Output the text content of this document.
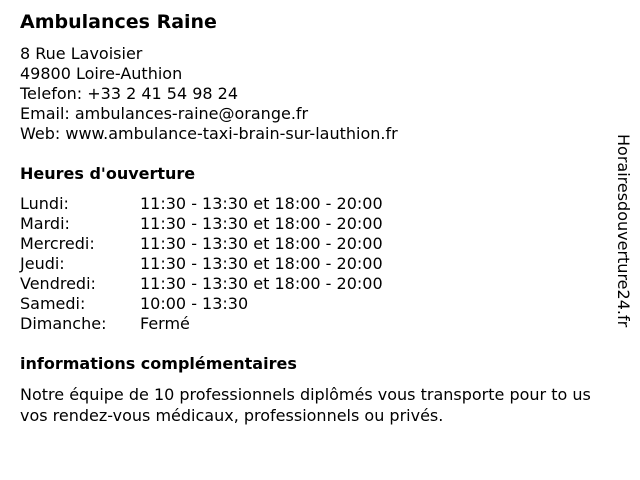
Ambulances Raine
8 Rue Lavoisier
49800 Loire-Authion
Telefon: +33 2 41 54 98 24
Email: ambulances-raine@orange.fr
Web: www.ambulance-taxi-brain-sur-lauthion.fr
Heures d'ouverture
Lundi:	11:30 - 13:30 et 18:00 - 20:00
Mardi:	11:30 - 13:30 et 18:00 - 20:00
Mercredi:	11:30 - 13:30 et 18:00 - 20:00
Jeudi:	11:30 - 13:30 et 18:00 - 20:00
Vendredi:	11:30 - 13:30 et 18:00 - 20:00
Samedi:	10:00 - 13:30
Dimanche: Fermé
informations complémentaires
Notre équipe de 10 professionnels diplômés vous transporte pour to us vos rendez-vous médicaux, professionnels ou privés.
Horairesdouverture24.fr
